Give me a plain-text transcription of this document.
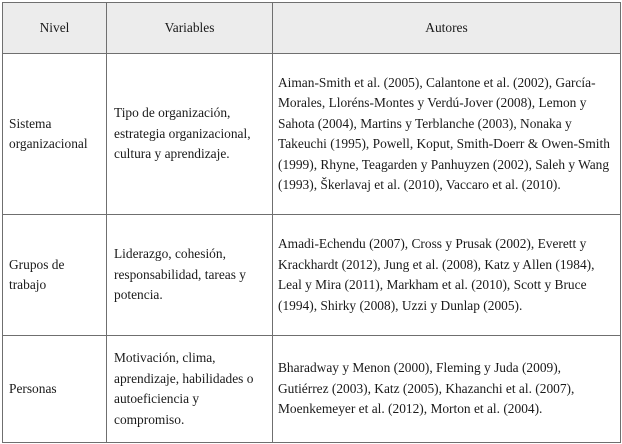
Nivel	Variables	Autores
Sistema organizacional	Tipo de organización, estrategia organizacional, cultura y aprendizaje.	Aiman-Smith et al. (2005), Calantone et al. (2002), García-Morales, Lloréns-Montes y Verdú-Jover (2008), Lemon y Sahota (2004), Martins y Terblanche (2003), Nonaka y Takeuchi (1995), Powell, Koput, Smith-Doerr & Owen-Smith (1999), Rhyne, Teagarden y Panhuyzen (2002), Saleh y Wang (1993), Škerlavaj et al. (2010), Vaccaro et al. (2010).
Grupos de trabajo	Liderazgo, cohesión, responsabilidad, tareas y potencia.	Amadi-Echendu (2007), Cross y Prusak (2002), Everett y Krackhardt (2012), Jung et al. (2008), Katz y Allen (1984), Leal y Mira (2011), Markham et al. (2010), Scott y Bruce (1994), Shirky (2008), Uzzi y Dunlap (2005).
Personas	Motivación, clima, aprendizaje, habilidades o autoeficiencia y compromiso.	Bharadway y Menon (2000), Fleming y Juda (2009), Gutiérrez (2003), Katz (2005), Khazanchi et al. (2007), Moenkemeyer et al. (2012), Morton et al. (2004).
